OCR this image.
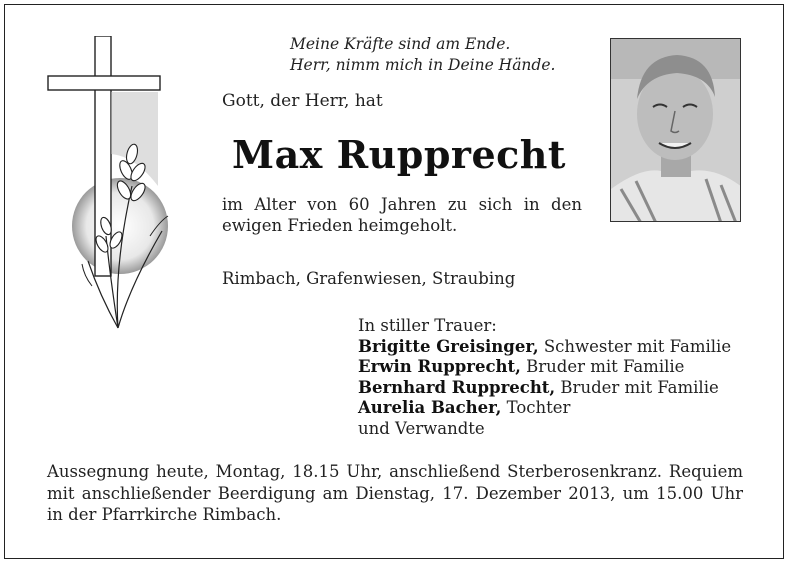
Meine Kräfte sind am Ende.
Herr, nimm mich in Deine Hände.
Gott, der Herr, hat
Max Rupprecht
im Alter von 60 Jahren zu sich in den ewigen Frieden heimgeholt.
Rimbach, Grafenwiesen, Straubing
In stiller Trauer:
Brigitte Greisinger, Schwester mit Familie
Erwin Rupprecht, Bruder mit Familie
Bernhard Rupprecht, Bruder mit Familie
Aurelia Bacher, Tochter
und Verwandte
Aussegnung heute, Montag, 18.15 Uhr, anschließend Sterberosenkranz. Requiem mit anschließender Beerdigung am Dienstag, 17. Dezember 2013, um 15.00 Uhr in der Pfarrkirche Rimbach.
